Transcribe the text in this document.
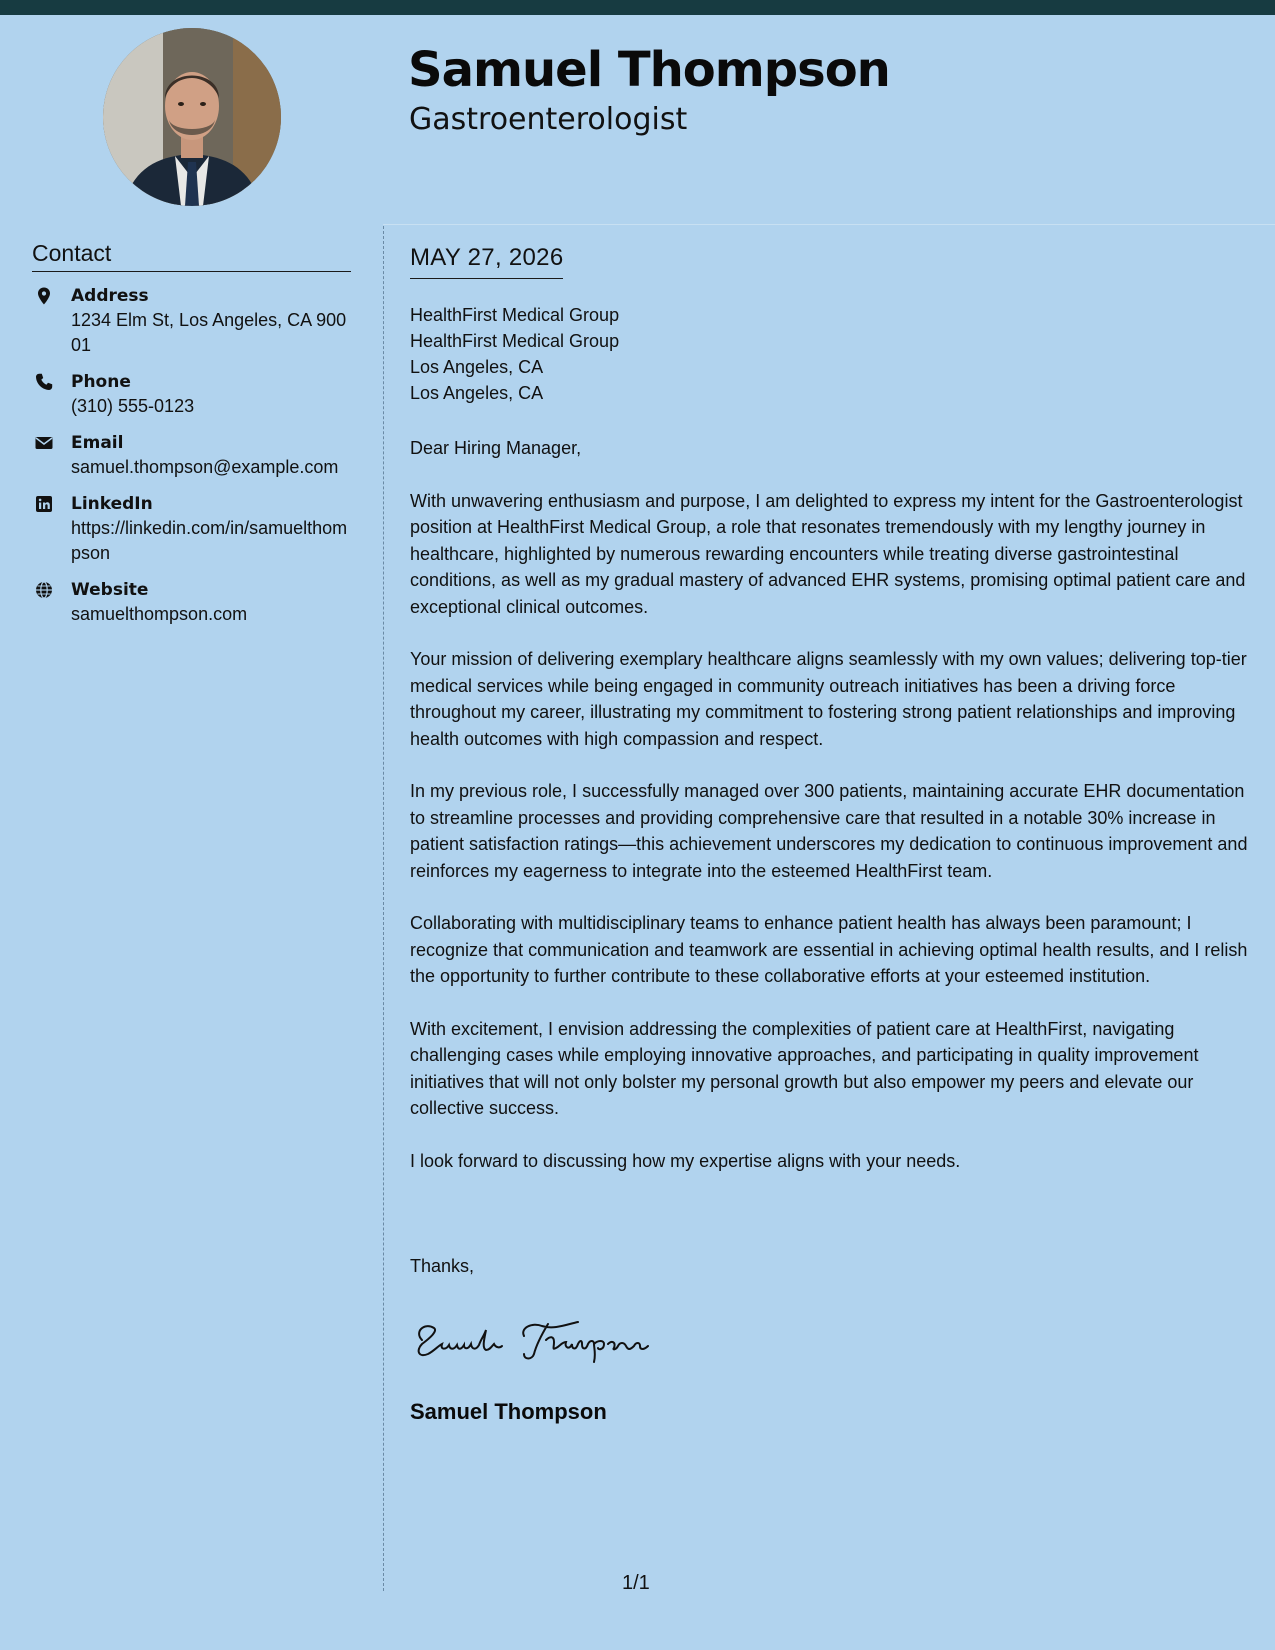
Samuel Thompson
Gastroenterologist
Contact
Address
1234 Elm St, Los Angeles, CA 90001
Phone
(310) 555-0123
Email
samuel.thompson@example.com
LinkedIn
https://linkedin.com/in/samuelthompson
Website
samuelthompson.com
MAY 27, 2026
HealthFirst Medical Group
HealthFirst Medical Group
Los Angeles, CA
Los Angeles, CA

Dear Hiring Manager,

With unwavering enthusiasm and purpose, I am delighted to express my intent for the Gastroenterologist position at HealthFirst Medical Group, a role that resonates tremendously with my lengthy journey in healthcare, highlighted by numerous rewarding encounters while treating diverse gastrointestinal conditions, as well as my gradual mastery of advanced EHR systems, promising optimal patient care and exceptional clinical outcomes.

Your mission of delivering exemplary healthcare aligns seamlessly with my own values; delivering top-tier medical services while being engaged in community outreach initiatives has been a driving force throughout my career, illustrating my commitment to fostering strong patient relationships and improving health outcomes with high compassion and respect.

In my previous role, I successfully managed over 300 patients, maintaining accurate EHR documentation to streamline processes and providing comprehensive care that resulted in a notable 30% increase in patient satisfaction ratings—this achievement underscores my dedication to continuous improvement and reinforces my eagerness to integrate into the esteemed HealthFirst team.

Collaborating with multidisciplinary teams to enhance patient health has always been paramount; I recognize that communication and teamwork are essential in achieving optimal health results, and I relish the opportunity to further contribute to these collaborative efforts at your esteemed institution.

With excitement, I envision addressing the complexities of patient care at HealthFirst, navigating challenging cases while employing innovative approaches, and participating in quality improvement initiatives that will not only bolster my personal growth but also empower my peers and elevate our collective success.

I look forward to discussing how my expertise aligns with your needs.

Thanks,
Samuel Thompson
1/1
